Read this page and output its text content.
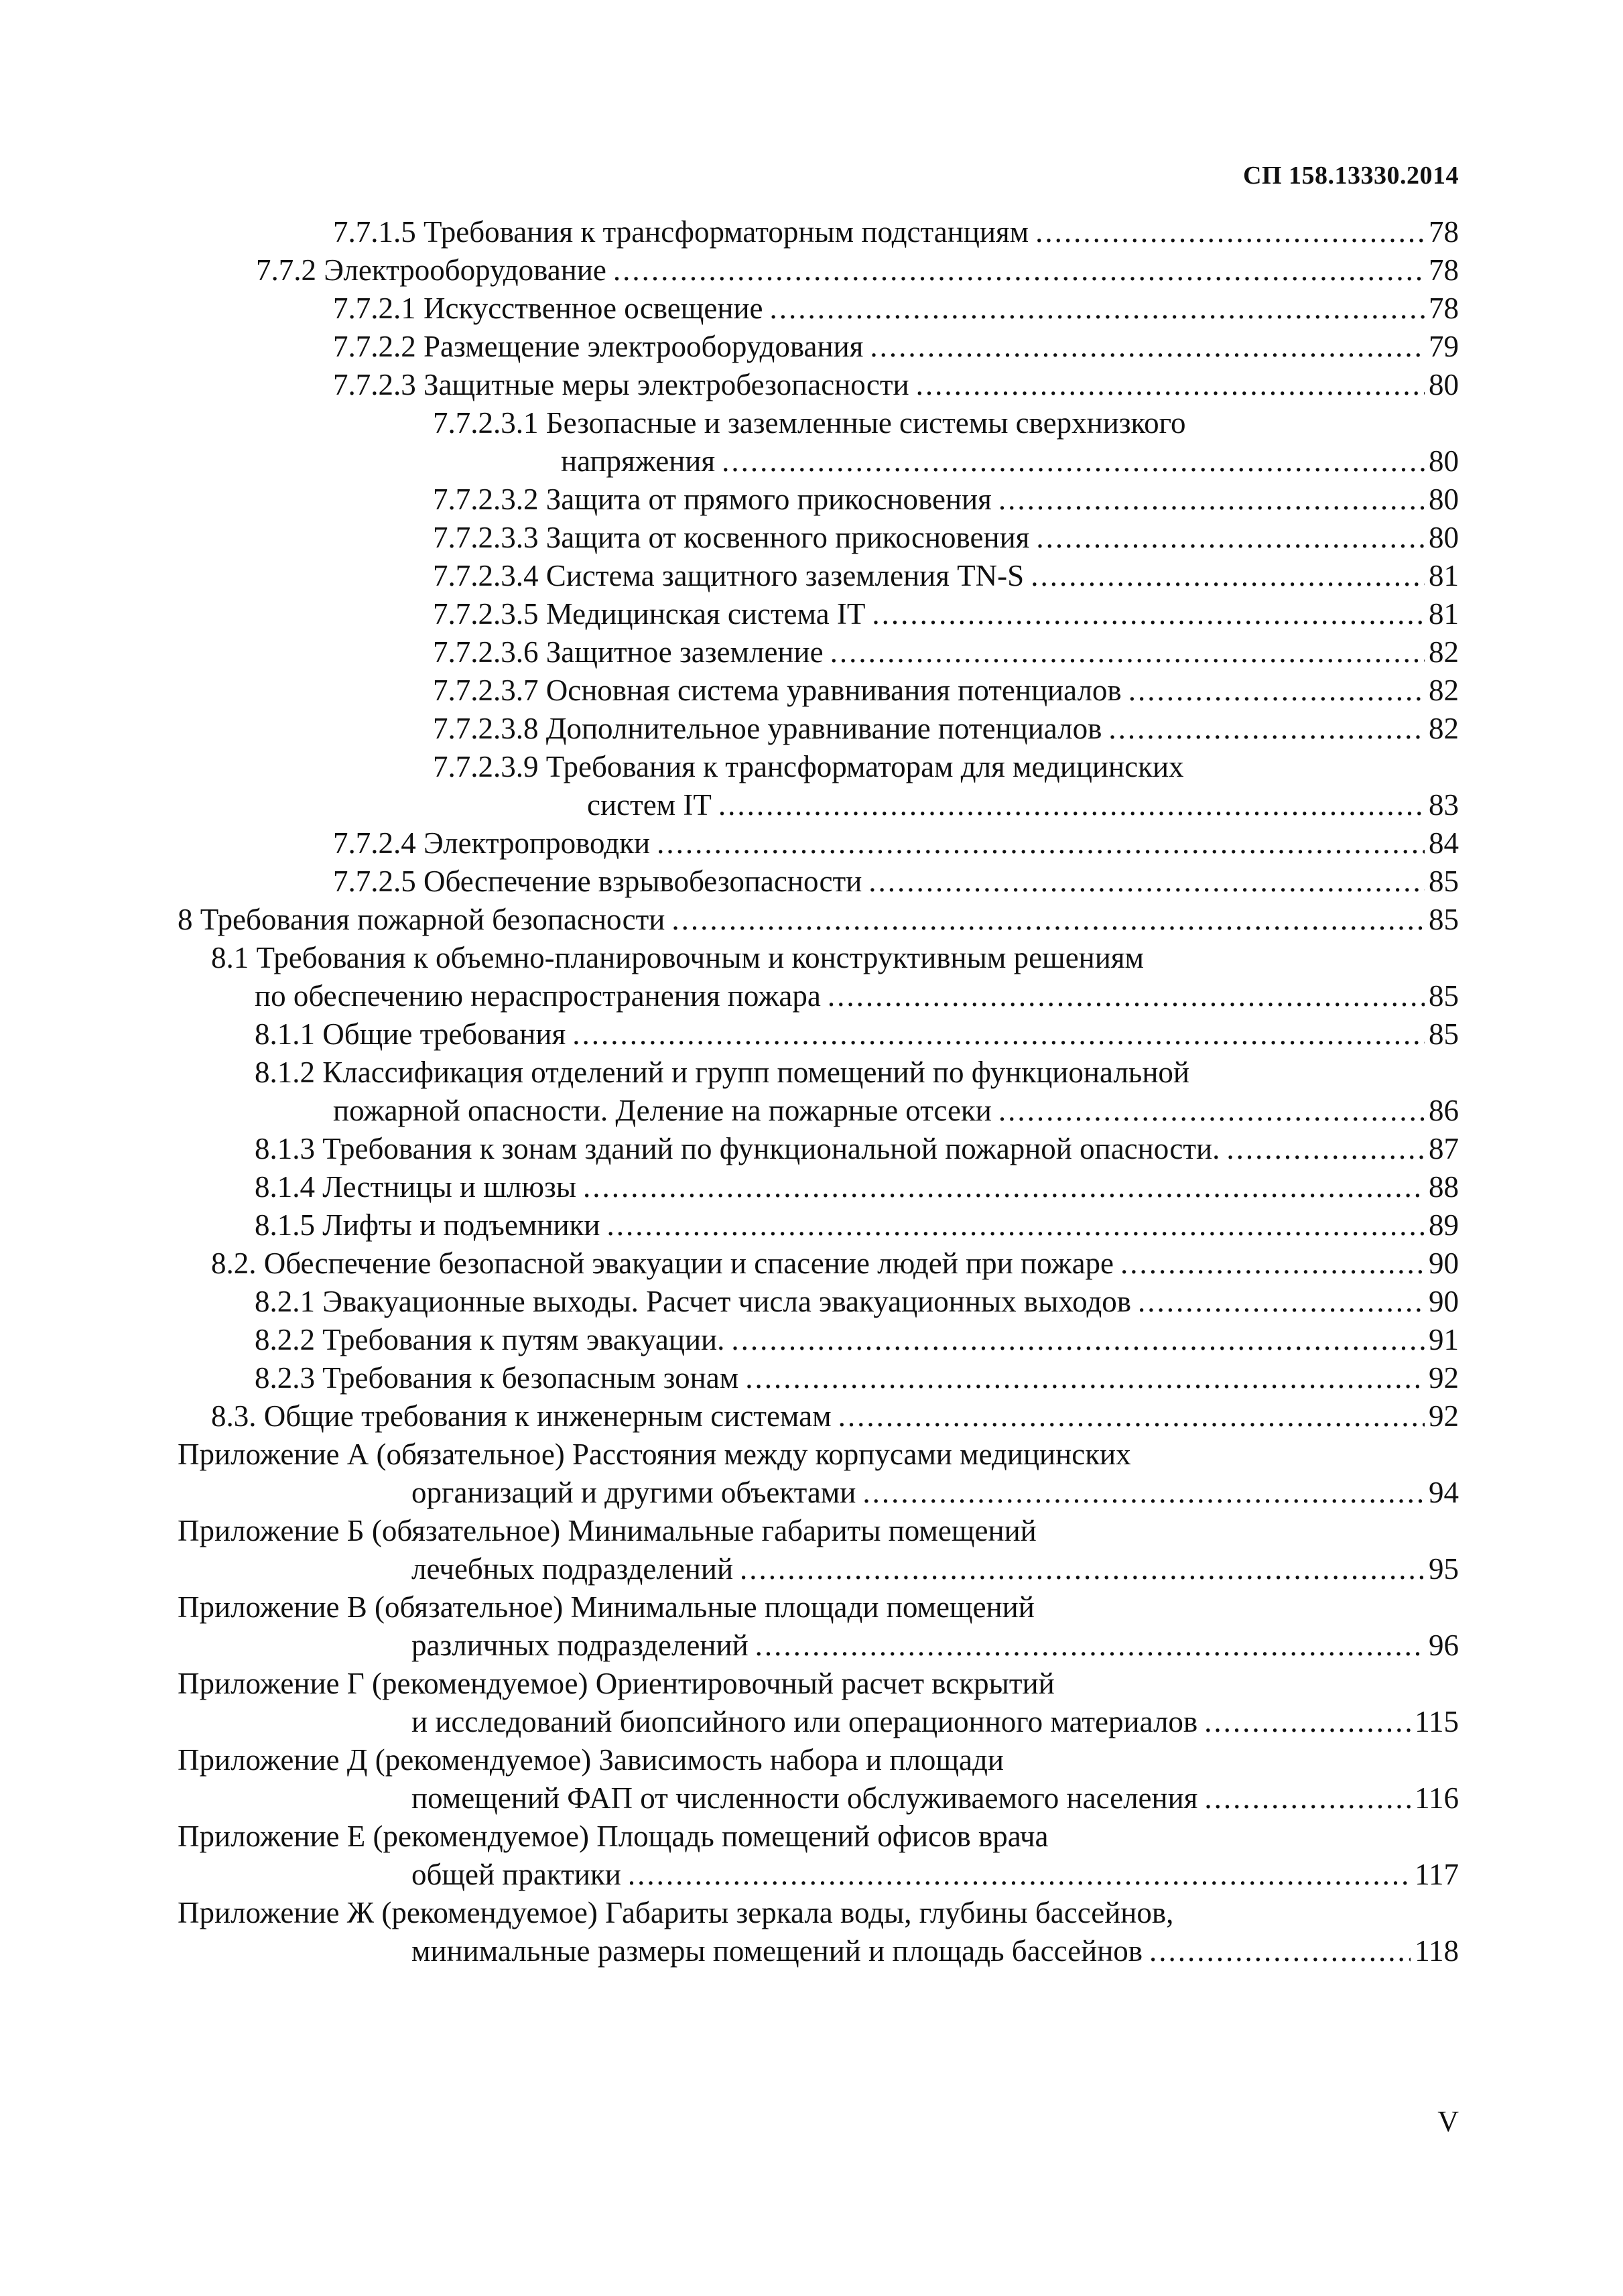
СП 158.13330.2014
7.7.1.5 Требования к трансформаторным подстанциям .....	78
7.7.2 Электрооборудование .....	78
7.7.2.1 Искусственное освещение .....	78
7.7.2.2 Размещение электрооборудования .....	79
7.7.2.3 Защитные меры электробезопасности .....	80
7.7.2.3.1 Безопасные и заземленные системы сверхнизкого
напряжения .....	80
7.7.2.3.2 Защита от прямого прикосновения .....	80
7.7.2.3.3 Защита от косвенного прикосновения .....	80
7.7.2.3.4 Система защитного заземления TN-S .....	81
7.7.2.3.5 Медицинская система IT .....	81
7.7.2.3.6 Защитное заземление .....	82
7.7.2.3.7 Основная система уравнивания потенциалов .....	82
7.7.2.3.8 Дополнительное уравнивание потенциалов .....	82
7.7.2.3.9 Требования к трансформаторам для медицинских
систем IT .....	83
7.7.2.4 Электропроводки .....	84
7.7.2.5 Обеспечение взрывобезопасности .....	85
8 Требования пожарной безопасности .....	85
8.1 Требования к объемно-планировочным и конструктивным решениям
по обеспечению нераспространения пожара .....	85
8.1.1 Общие требования .....	85
8.1.2 Классификация отделений и групп помещений по функциональной
пожарной опасности. Деление на пожарные отсеки .....	86
8.1.3 Требования к зонам зданий по функциональной пожарной опасности. .....	87
8.1.4 Лестницы и шлюзы .....	88
8.1.5 Лифты и подъемники .....	89
8.2. Обеспечение безопасной эвакуации и спасение людей при пожаре .....	90
8.2.1 Эвакуационные выходы. Расчет числа эвакуационных выходов .....	90
8.2.2 Требования к путям эвакуации. .....	91
8.2.3 Требования к безопасным зонам .....	92
8.3. Общие требования к инженерным системам .....	92
Приложение А (обязательное) Расстояния между корпусами медицинских
организаций и другими объектами .....	94
Приложение Б (обязательное) Минимальные габариты помещений
лечебных подразделений .....	95
Приложение В (обязательное) Минимальные площади помещений
различных подразделений .....	96
Приложение Г (рекомендуемое) Ориентировочный расчет вскрытий
и исследований биопсийного или операционного материалов .....	115
Приложение Д (рекомендуемое) Зависимость набора и площади
помещений ФАП от численности обслуживаемого населения .....	116
Приложение Е (рекомендуемое) Площадь помещений офисов врача
общей практики .....	117
Приложение Ж (рекомендуемое) Габариты зеркала воды, глубины бассейнов,
минимальные размеры помещений и площадь бассейнов .....	118
V
